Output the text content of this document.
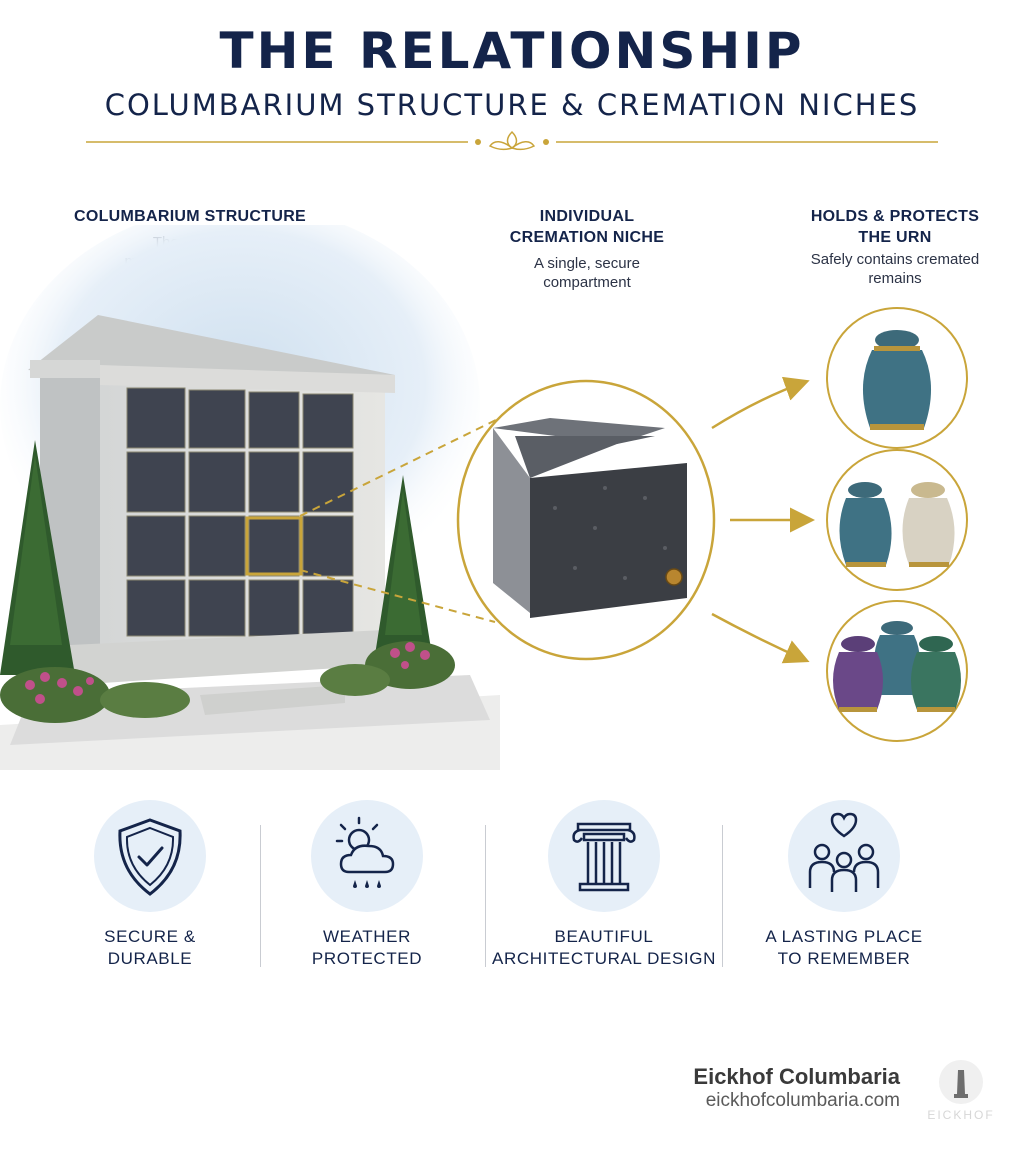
THE RELATIONSHIP
COLUMBARIUM STRUCTURE & CREMATION NICHES
COLUMBARIUM STRUCTURE	INDIVIDUAL CREMATION NICHE
A single, secure compartment
HOLDS & PROTECTS THE URN
Safely contains cremated remains
SECURE &
DURABLE
WEATHER
PROTECTED
BEAUTIFUL
ARCHITECTURAL DESIGN
A LASTING PLACE
TO REMEMBER
Eickhof Columbaria
eickhofcolumbaria.com
EICKHOF
